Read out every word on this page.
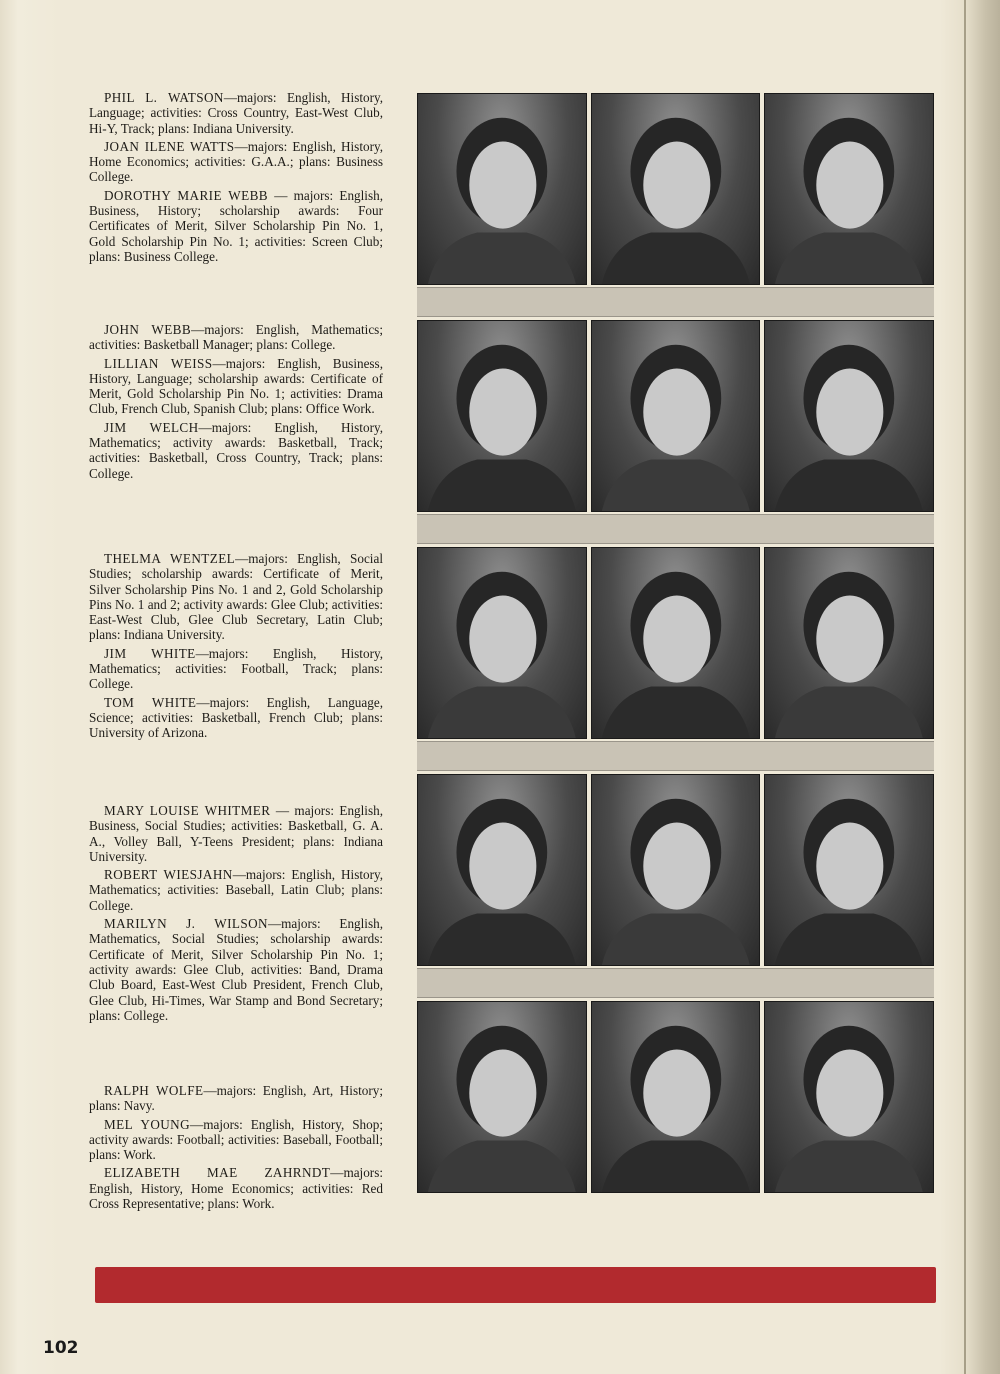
PHIL L. WATSON—majors: English, History, Language; activities: Cross Country, East-West Club, Hi-Y, Track; plans: Indiana University.

JOAN ILENE WATTS—majors: English, History, Home Economics; activities: G.A.A.; plans: Business College.

DOROTHY MARIE WEBB — majors: English, Business, History; scholarship awards: Four Certificates of Merit, Silver Scholarship Pin No. 1, Gold Scholarship Pin No. 1; activities: Screen Club; plans: Business College.

JOHN WEBB—majors: English, Mathematics; activities: Basketball Manager; plans: College.

LILLIAN WEISS—majors: English, Business, History, Language; scholarship awards: Certificate of Merit, Gold Scholarship Pin No. 1; activities: Drama Club, French Club, Spanish Club; plans: Office Work.

JIM WELCH—majors: English, History, Mathematics; activity awards: Basketball, Track; activities: Basketball, Cross Country, Track; plans: College.

THELMA WENTZEL—majors: English, Social Studies; scholarship awards: Certificate of Merit, Silver Scholarship Pins No. 1 and 2, Gold Scholarship Pins No. 1 and 2; activity awards: Glee Club; activities: East-West Club, Glee Club Secretary, Latin Club; plans: Indiana University.

JIM WHITE—majors: English, History, Mathematics; activities: Football, Track; plans: College.

TOM WHITE—majors: English, Language, Science; activities: Basketball, French Club; plans: University of Arizona.

MARY LOUISE WHITMER — majors: English, Business, Social Studies; activities: Basketball, G. A. A., Volley Ball, Y-Teens President; plans: Indiana University.

ROBERT WIESJAHN—majors: English, History, Mathematics; activities: Baseball, Latin Club; plans: College.

MARILYN J. WILSON—majors: English, Mathematics, Social Studies; scholarship awards: Certificate of Merit, Silver Scholarship Pin No. 1; activity awards: Glee Club, activities: Band, Drama Club Board, East-West Club President, French Club, Glee Club, Hi-Times, War Stamp and Bond Secretary; plans: College.

RALPH WOLFE—majors: English, Art, History; plans: Navy.

MEL YOUNG—majors: English, History, Shop; activity awards: Football; activities: Baseball, Football; plans: Work.

ELIZABETH MAE ZAHRNDT—majors: English, History, Home Economics; activities: Red Cross Representative; plans: Work.

102
